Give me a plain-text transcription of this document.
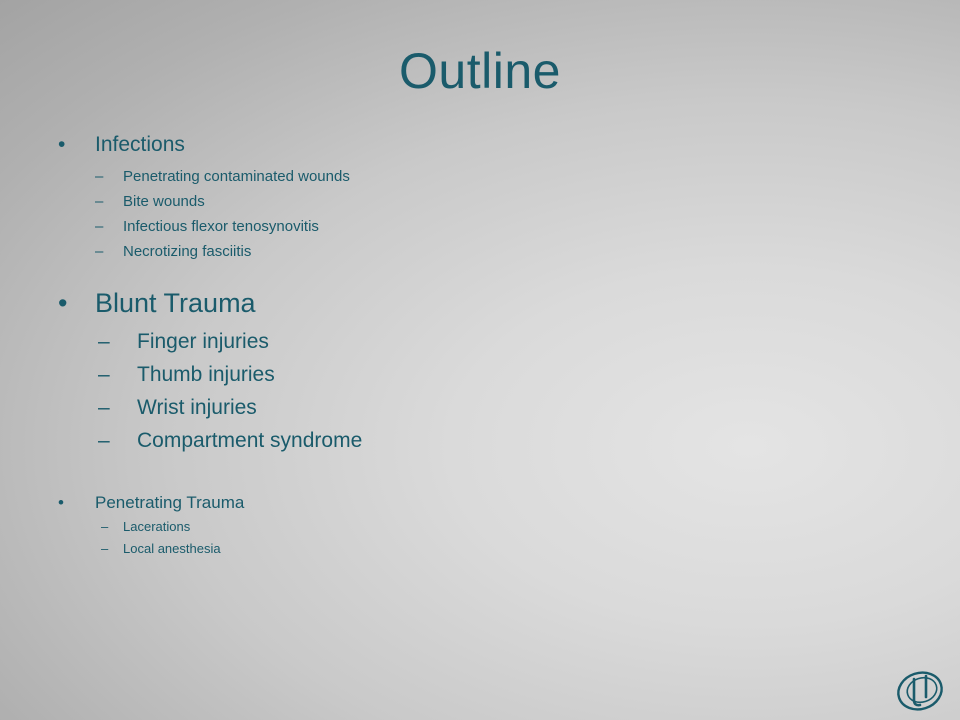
Outline
• Infections
– Penetrating contaminated wounds
– Bite wounds
– Infectious flexor tenosynovitis
– Necrotizing fasciitis
• Blunt Trauma
– Finger injuries
– Thumb injuries
– Wrist injuries
– Compartment syndrome
• Penetrating Trauma
– Lacerations
– Local anesthesia
